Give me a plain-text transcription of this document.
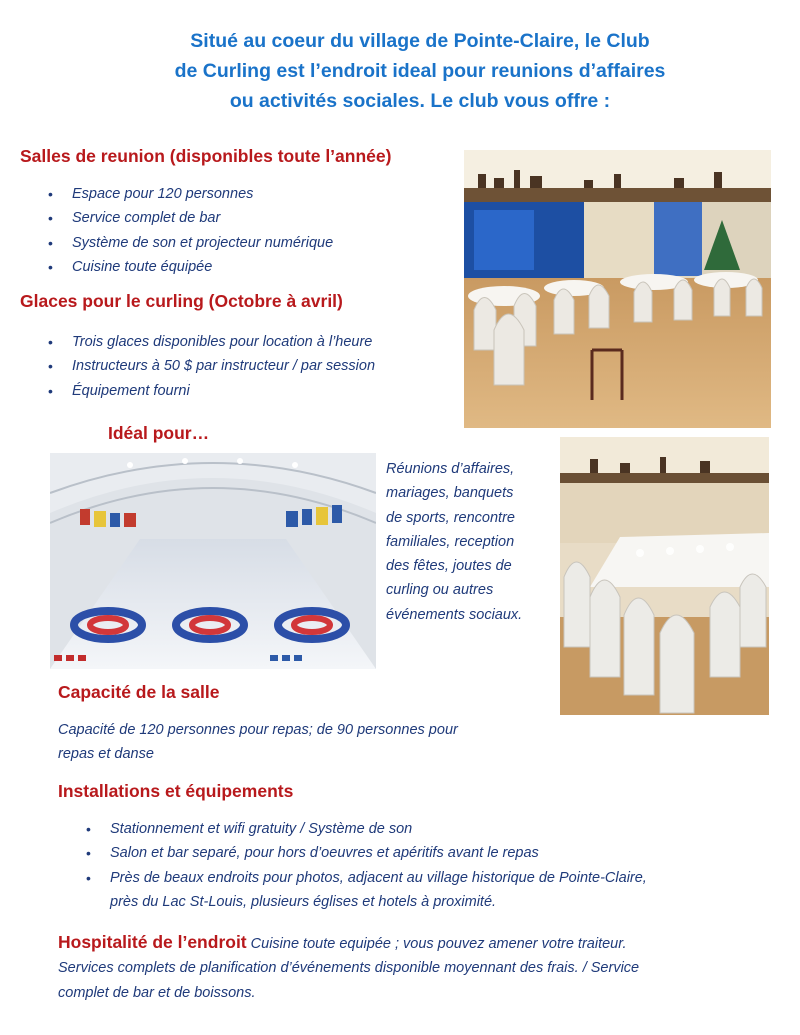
Situé au coeur du village de Pointe-Claire, le Club
de Curling est l’endroit ideal pour reunions d’affaires
ou activités sociales. Le club vous offre :
Salles de reunion (disponibles toute l’année)
• Espace pour 120 personnes
• Service complet de bar
• Système de son et projecteur numérique
• Cuisine toute équipée
Glaces pour le curling (Octobre à avril)
• Trois glaces disponibles pour location à l’heure
• Instructeurs à 50 $ par instructeur / par session
• Équipement fourni
Idéal pour…
Réunions d’affaires,
mariages, banquets
de sports, rencontre
familiales, reception
des fêtes, joutes de
curling ou autres
événements sociaux.
Capacité de la salle
Capacité de 120 personnes pour repas; de 90 personnes pour
repas et danse
Installations et équipements
• Stationnement et wifi gratuity / Système de son
• Salon et bar separé, pour hors d’oeuvres et apéritifs avant le repas
• Près de beaux endroits pour photos, adjacent au village historique de Pointe-Claire,
près du Lac St-Louis, plusieurs églises et hotels à proximité.
Hospitalité de l’endroit Cuisine toute equipée ; vous pouvez amener votre traiteur.
Services complets de planification d’événements disponible moyennant des frais. / Service
complet de bar et de boissons.
